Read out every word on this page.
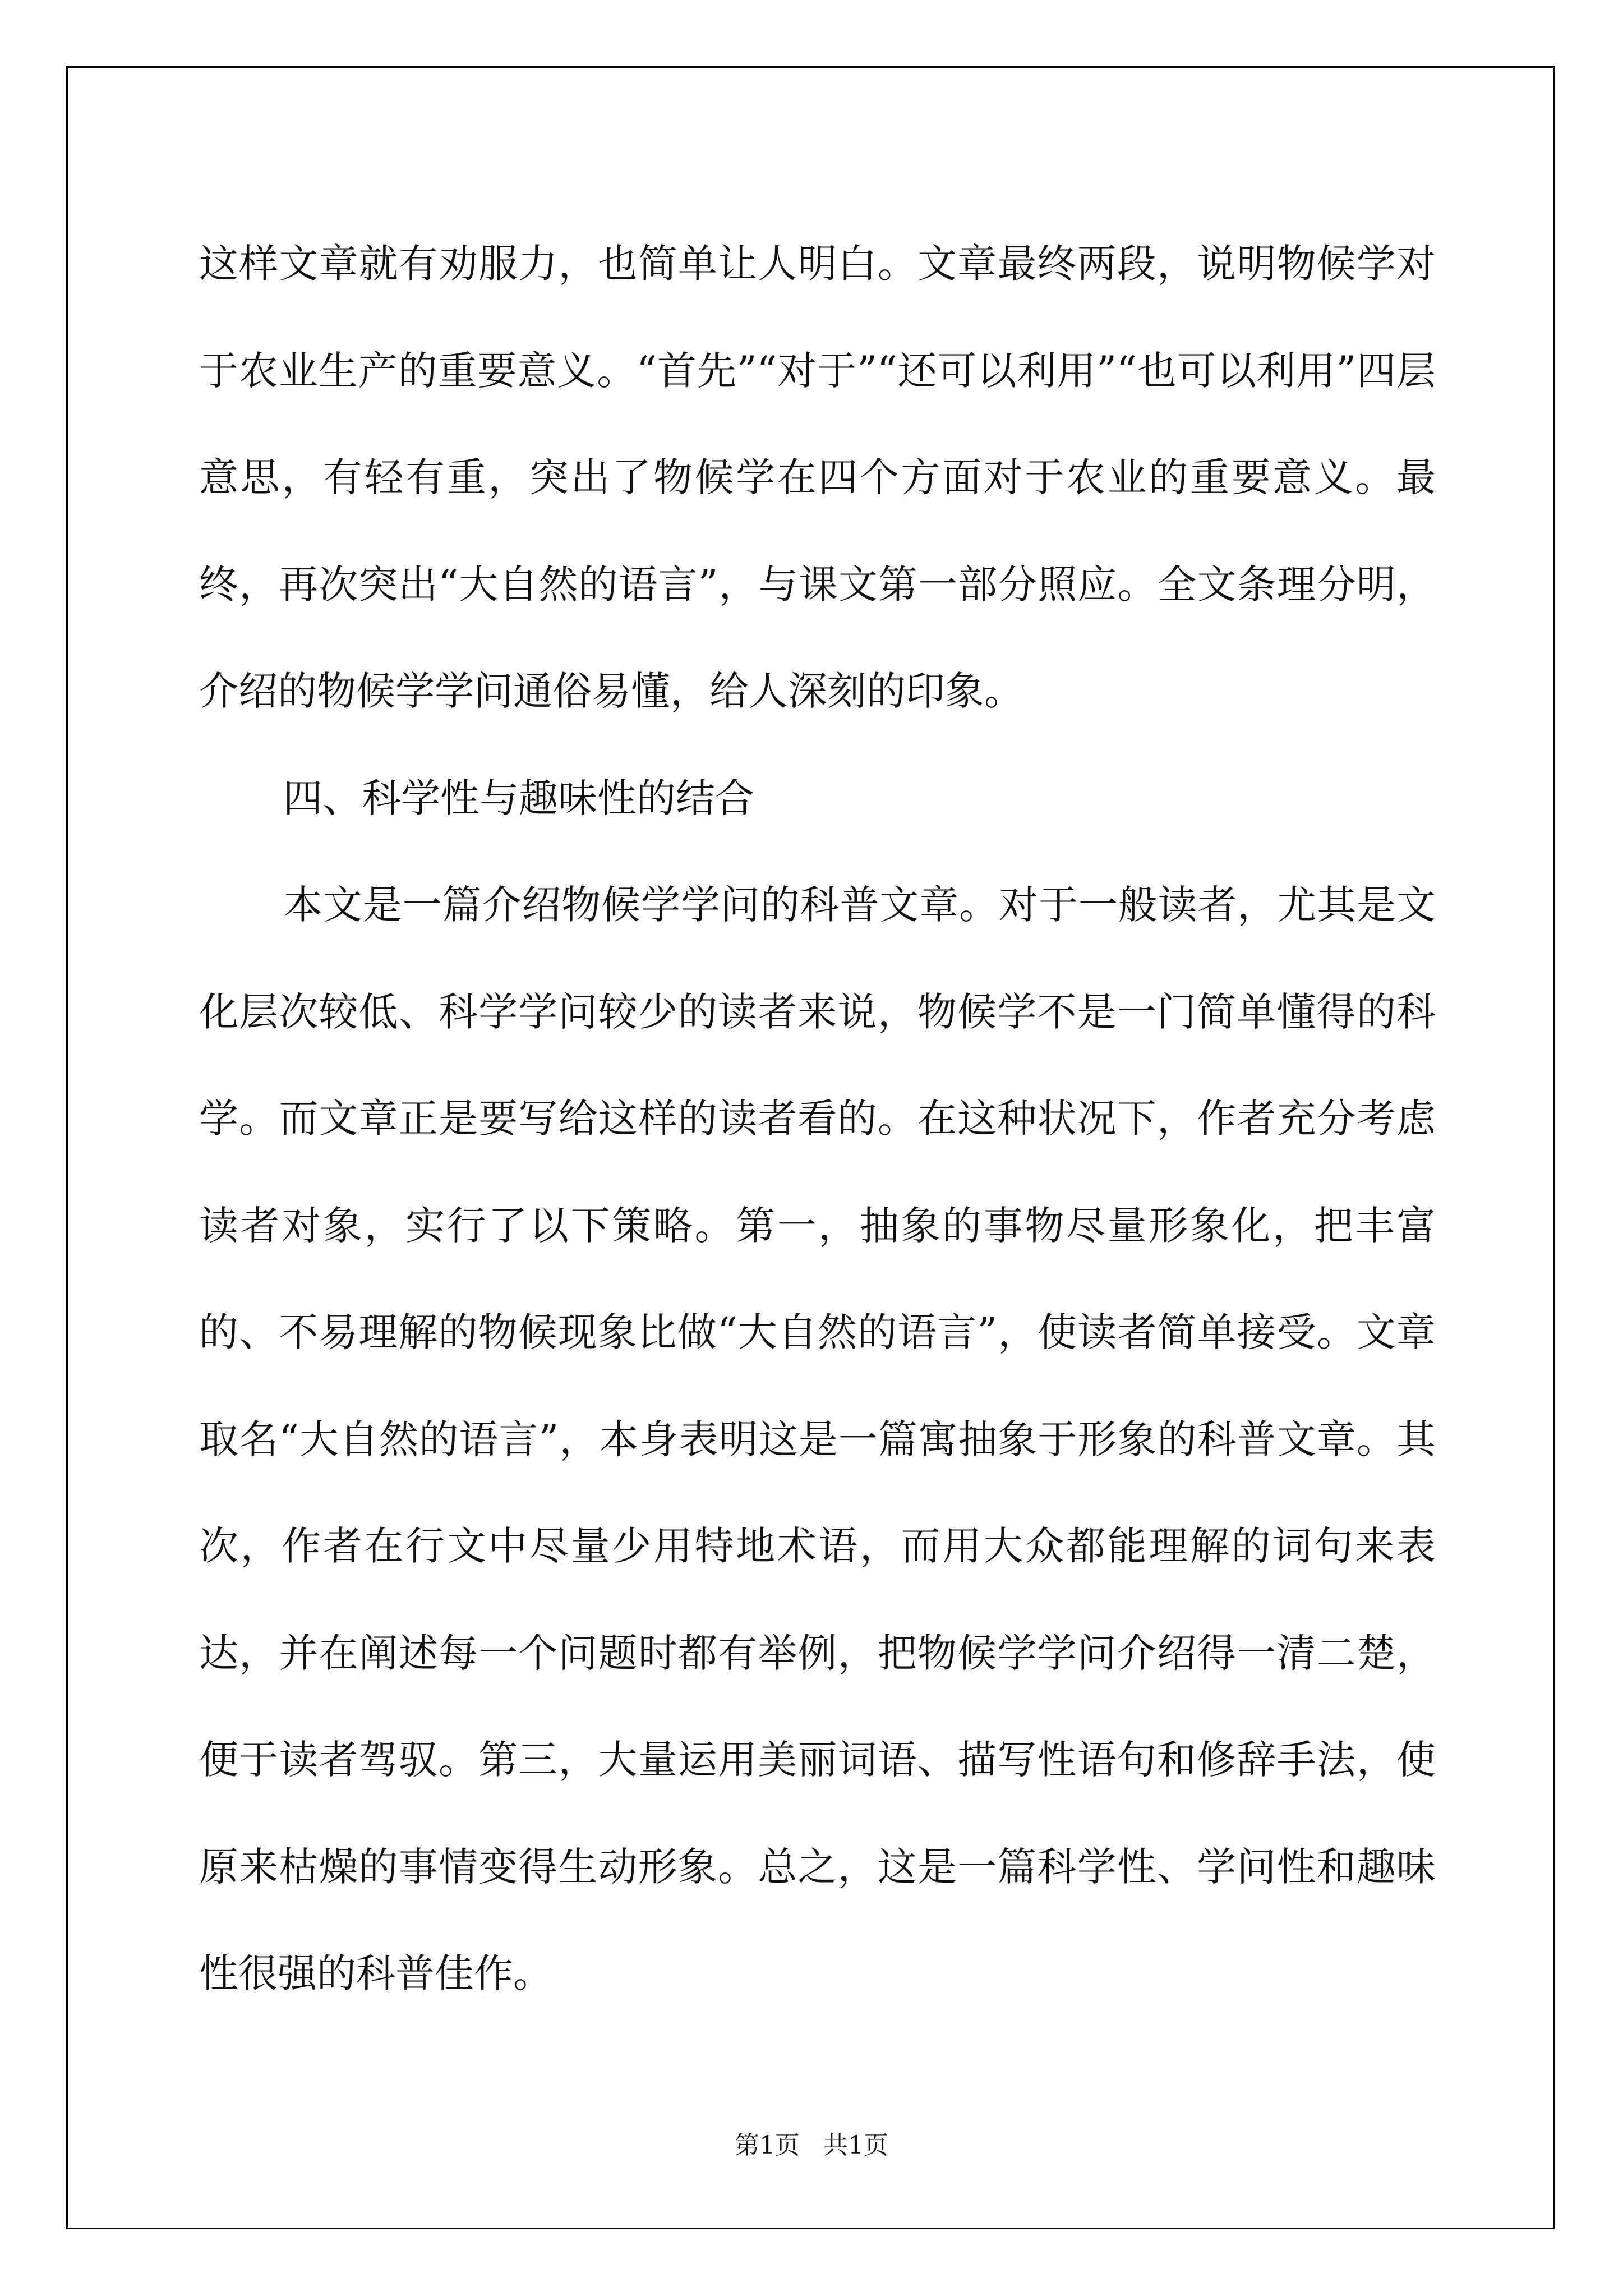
这样文章就有劝服力，也简单让人明白。文章最终两段，说明物候学对于农业生产的重要意义。“首先”“对于”“还可以利用”“也可以利用”四层意思，有轻有重，突出了物候学在四个方面对于农业的重要意义。最终，再次突出“大自然的语言”，与课文第一部分照应。全文条理分明，介绍的物候学学问通俗易懂，给人深刻的印象。

四、科学性与趣味性的结合

本文是一篇介绍物候学学问的科普文章。对于一般读者，尤其是文化层次较低、科学学问较少的读者来说，物候学不是一门简单懂得的科学。而文章正是要写给这样的读者看的。在这种状况下，作者充分考虑读者对象，实行了以下策略。第一，抽象的事物尽量形象化，把丰富的、不易理解的物候现象比做“大自然的语言”，使读者简单接受。文章取名“大自然的语言”，本身表明这是一篇寓抽象于形象的科普文章。其次，作者在行文中尽量少用特地术语，而用大众都能理解的词句来表达，并在阐述每一个问题时都有举例，把物候学学问介绍得一清二楚，便于读者驾驭。第三，大量运用美丽词语、描写性语句和修辞手法，使原来枯燥的事情变得生动形象。总之，这是一篇科学性、学问性和趣味性很强的科普佳作。

第1页 共1页
